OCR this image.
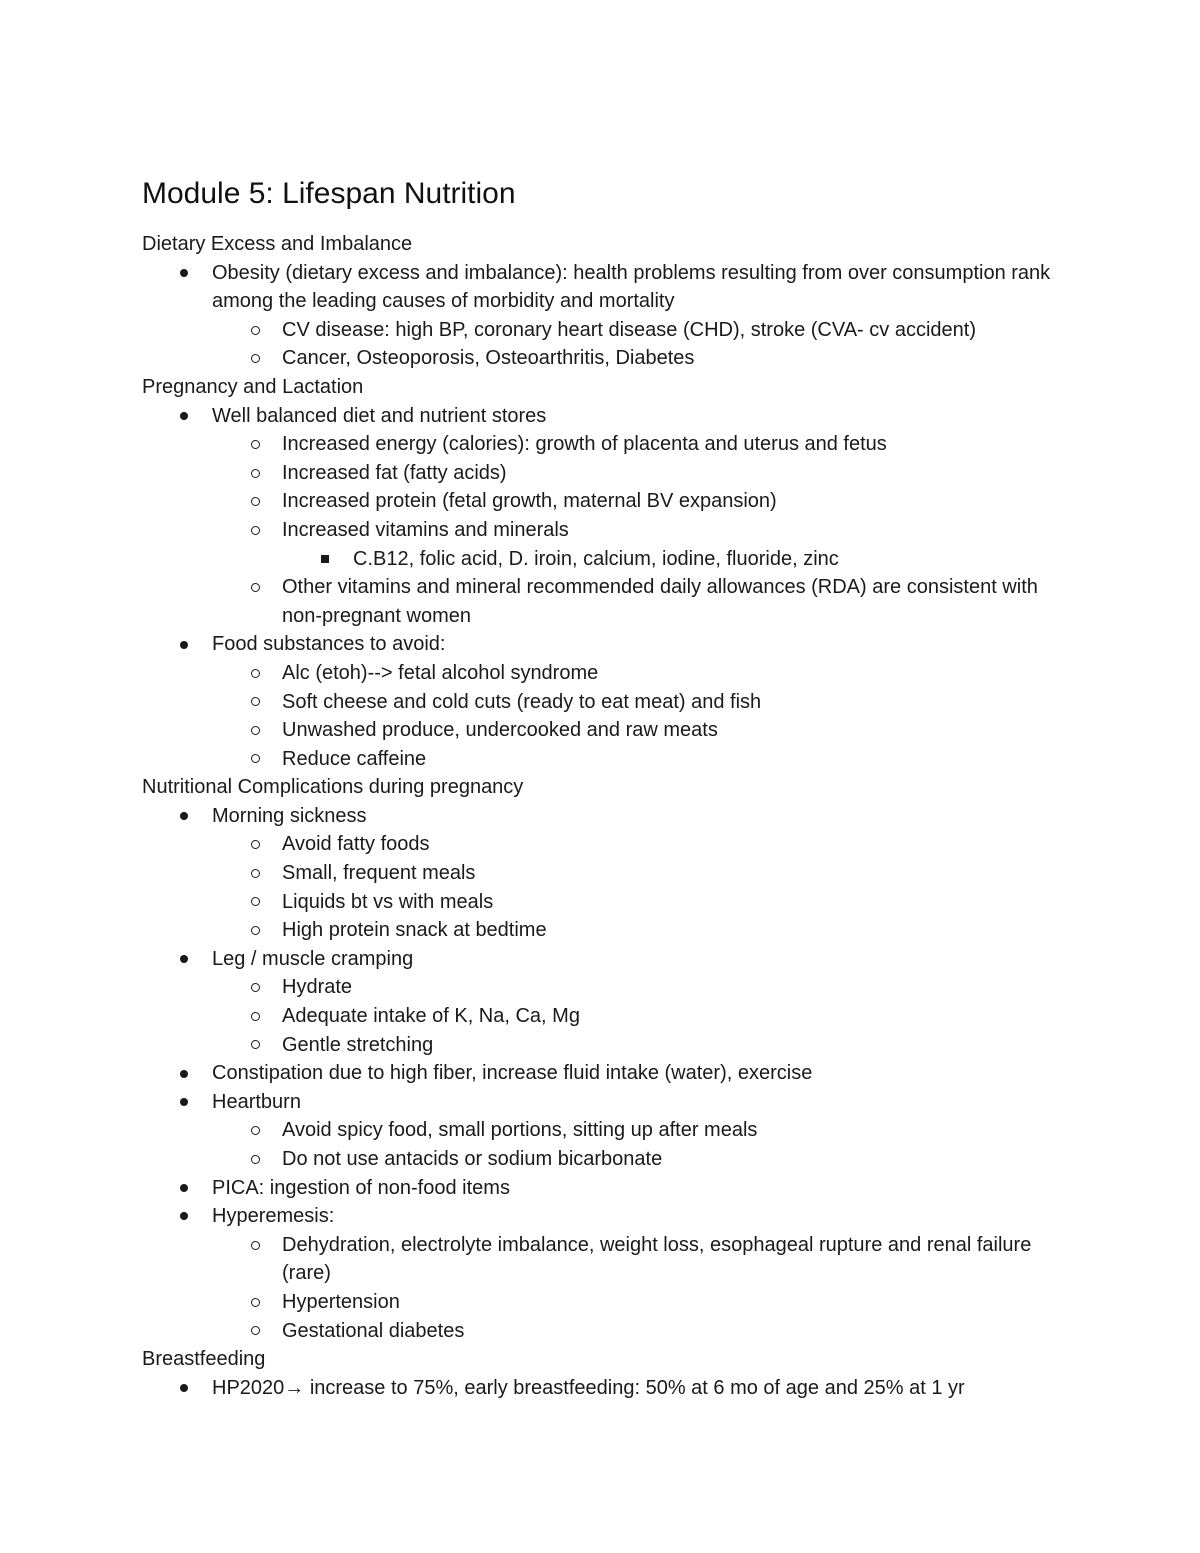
Module 5: Lifespan Nutrition
Dietary Excess and Imbalance
Obesity (dietary excess and imbalance): health problems resulting from over consumption rank among the leading causes of morbidity and mortality
CV disease: high BP, coronary heart disease (CHD), stroke (CVA- cv accident)
Cancer, Osteoporosis, Osteoarthritis, Diabetes
Pregnancy and Lactation
Well balanced diet and nutrient stores
Increased energy (calories): growth of placenta and uterus and fetus
Increased fat (fatty acids)
Increased protein (fetal growth, maternal BV expansion)
Increased vitamins and minerals
C.B12, folic acid, D. iroin, calcium, iodine, fluoride, zinc
Other vitamins and mineral recommended daily allowances (RDA) are consistent with non-pregnant women
Food substances to avoid:
Alc (etoh)--> fetal alcohol syndrome
Soft cheese and cold cuts (ready to eat meat) and fish
Unwashed produce, undercooked and raw meats
Reduce caffeine
Nutritional Complications during pregnancy
Morning sickness
Avoid fatty foods
Small, frequent meals
Liquids bt vs with meals
High protein snack at bedtime
Leg / muscle cramping
Hydrate
Adequate intake of K, Na, Ca, Mg
Gentle stretching
Constipation due to high fiber, increase fluid intake (water), exercise
Heartburn
Avoid spicy food, small portions, sitting up after meals
Do not use antacids or sodium bicarbonate
PICA: ingestion of non-food items
Hyperemesis:
Dehydration, electrolyte imbalance, weight loss, esophageal rupture and renal failure (rare)
Hypertension
Gestational diabetes
Breastfeeding
HP2020→ increase to 75%, early breastfeeding: 50% at 6 mo of age and 25% at 1 yr
